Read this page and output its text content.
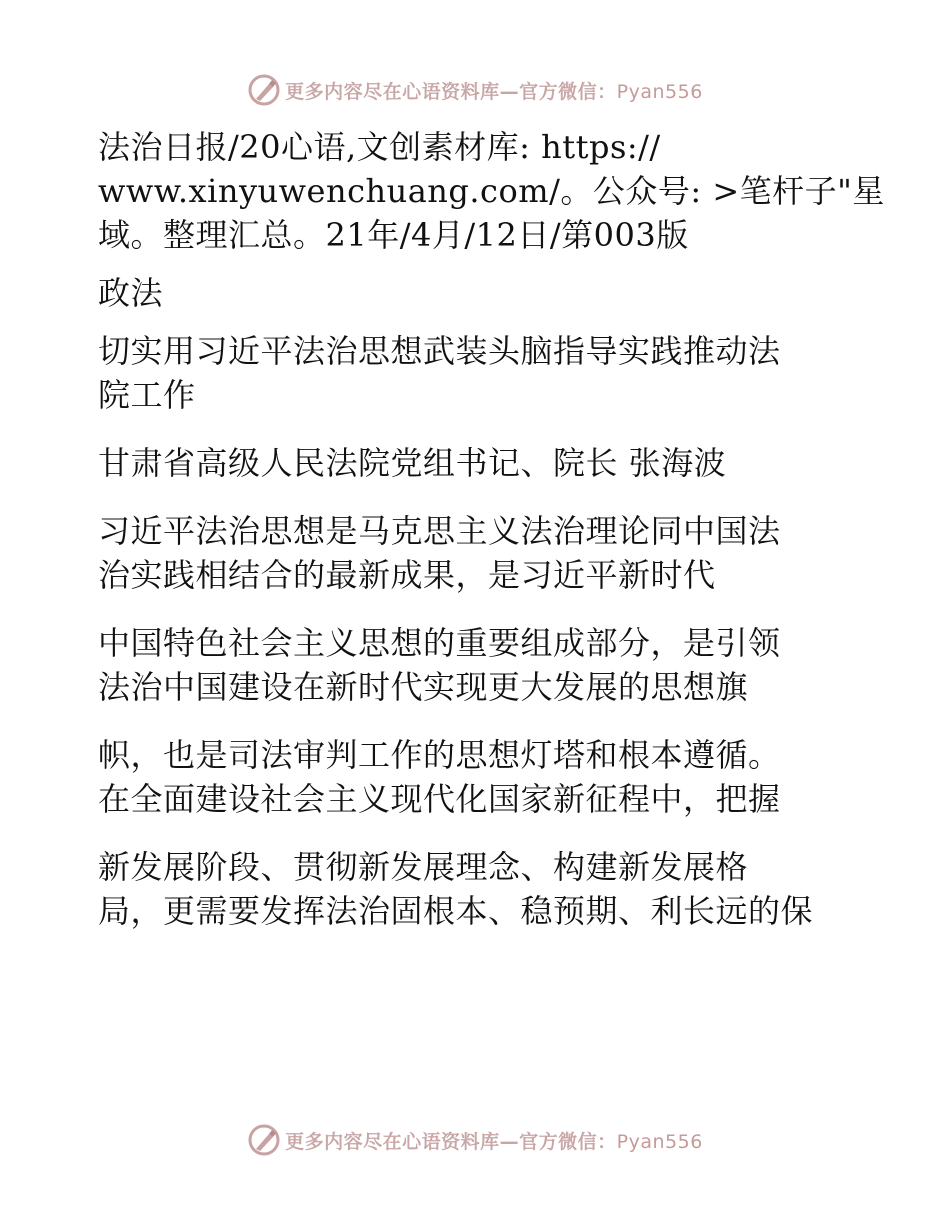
更多内容尽在心语资料库—官方微信：Pyan556
法治日报/20心语,文创素材库: https://
www.xinyuwenchuang.com/。公众号: >笔杆子"星
域。整理汇总。21年/4月/12日/第003版
政法
切实用习近平法治思想武装头脑指导实践推动法
院工作
甘肃省高级人民法院党组书记、院长 张海波
习近平法治思想是马克思主义法治理论同中国法
治实践相结合的最新成果，是习近平新时代
中国特色社会主义思想的重要组成部分，是引领
法治中国建设在新时代实现更大发展的思想旗
帜，也是司法审判工作的思想灯塔和根本遵循。
在全面建设社会主义现代化国家新征程中，把握
新发展阶段、贯彻新发展理念、构建新发展格
局，更需要发挥法治固根本、稳预期、利长远的保
更多内容尽在心语资料库—官方微信：Pyan556
